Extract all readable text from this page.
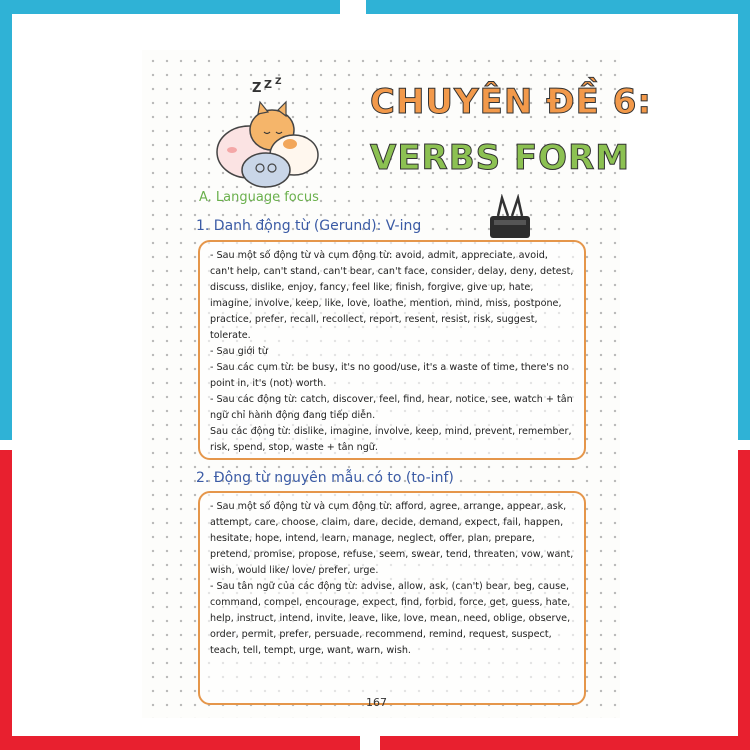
Z Z Z	CHUYÊN ĐỀ 6:
VERBS FORM
A. Language focus
1. Danh động từ (Gerund): V-ing

- Sau một số động từ và cụm động từ: avoid, admit, appreciate, avoid, can't help, can't stand, can't bear, can't face, consider, delay, deny, detest, discuss, dislike, enjoy, fancy, feel like, finish, forgive, give up, hate, imagine, involve, keep, like, love, loathe, mention, mind, miss, postpone, practice, prefer, recall, recollect, report, resent, resist, risk, suggest, tolerate.

- Sau giới từ

- Sau các cụm từ: be busy, it's no good/use, it's a waste of time, there's no point in, it's (not) worth.

- Sau các động từ: catch, discover, feel, find, hear, notice, see, watch + tân ngữ chỉ hành động đang tiếp diễn.

Sau các động từ: dislike, imagine, involve, keep, mind, prevent, remember, risk, spend, stop, waste + tân ngữ.

2. Động từ nguyên mẫu có to (to-inf)

- Sau một số động từ và cụm động từ: afford, agree, arrange, appear, ask, attempt, care, choose, claim, dare, decide, demand, expect, fail, happen, hesitate, hope, intend, learn, manage, neglect, offer, plan, prepare, pretend, promise, propose, refuse, seem, swear, tend, threaten, vow, want, wish, would like/ love/ prefer, urge.

- Sau tân ngữ của các động từ: advise, allow, ask, (can't) bear, beg, cause, command, compel, encourage, expect, find, forbid, force, get, guess, hate, help, instruct, intend, invite, leave, like, love, mean, need, oblige, observe, order, permit, prefer, persuade, recommend, remind, request, suspect, teach, tell, tempt, urge, want, warn, wish.

167
